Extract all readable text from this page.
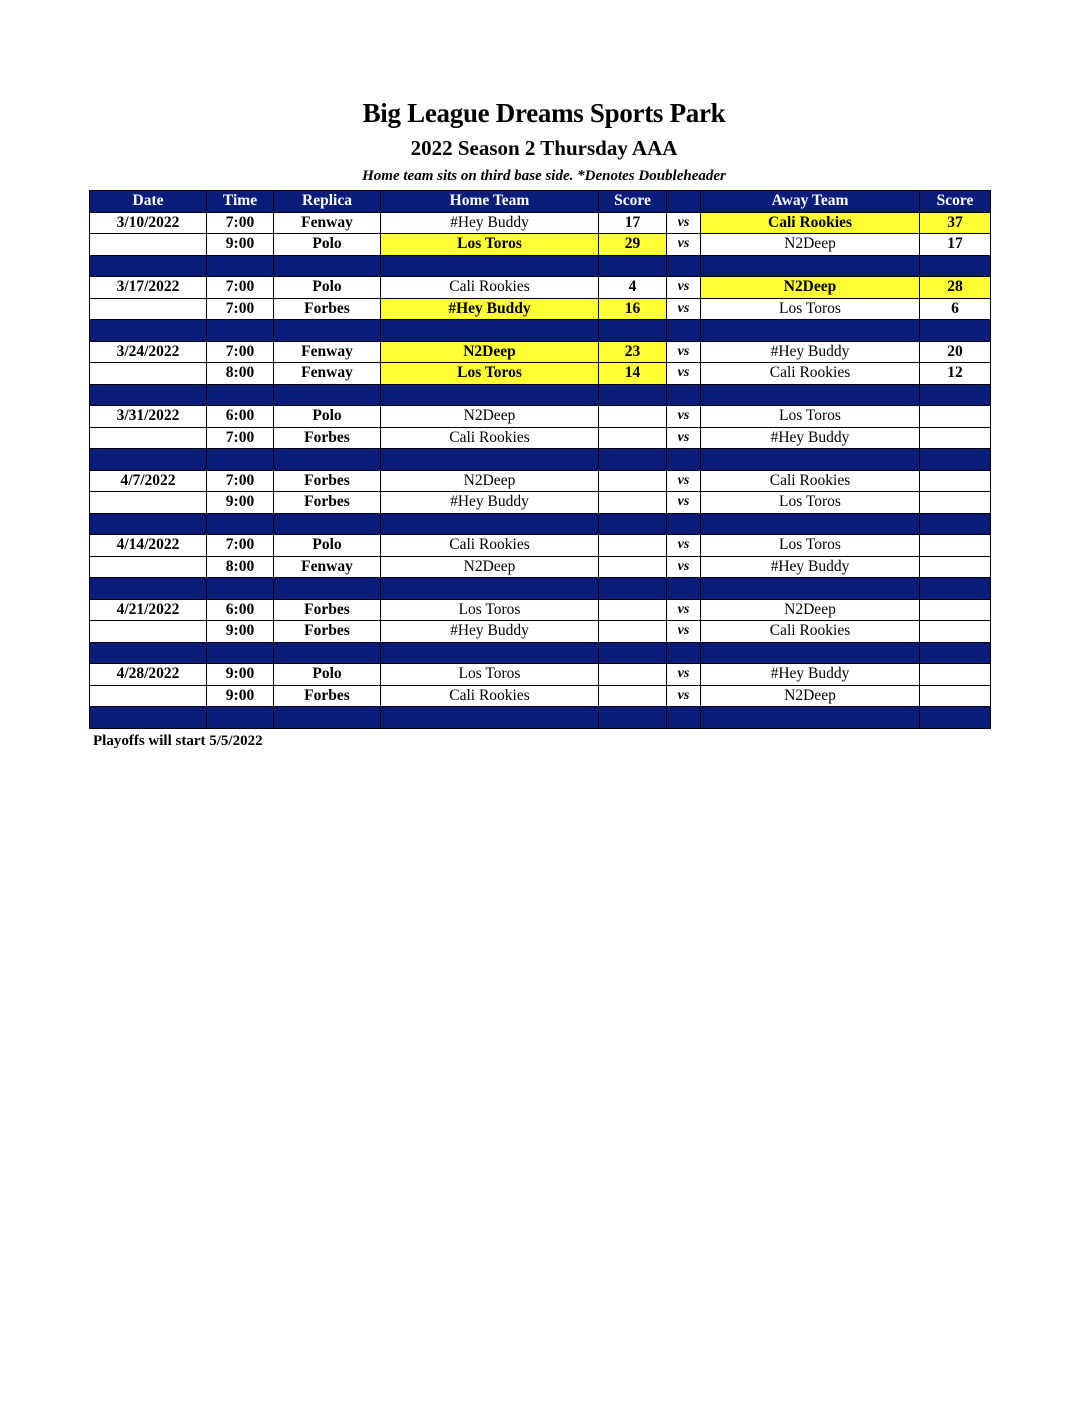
Big League Dreams Sports Park
2022 Season 2 Thursday AAA
Home team sits on third base side. *Denotes Doubleheader
Date	Time	Replica	Home Team	Score		Away Team	Score
3/10/2022	7:00	Fenway	#Hey Buddy	17	vs	Cali Rookies	37
	9:00	Polo	Los Toros	29	vs	N2Deep	17

3/17/2022	7:00	Polo	Cali Rookies	4	vs	N2Deep	28
	7:00	Forbes	#Hey Buddy	16	vs	Los Toros	6

3/24/2022	7:00	Fenway	N2Deep	23	vs	#Hey Buddy	20
	8:00	Fenway	Los Toros	14	vs	Cali Rookies	12

3/31/2022	6:00	Polo	N2Deep		vs	Los Toros	
	7:00	Forbes	Cali Rookies		vs	#Hey Buddy	

4/7/2022	7:00	Forbes	N2Deep		vs	Cali Rookies	
	9:00	Forbes	#Hey Buddy		vs	Los Toros	

4/14/2022	7:00	Polo	Cali Rookies		vs	Los Toros	
	8:00	Fenway	N2Deep		vs	#Hey Buddy	

4/21/2022	6:00	Forbes	Los Toros		vs	N2Deep	
	9:00	Forbes	#Hey Buddy		vs	Cali Rookies	

4/28/2022	9:00	Polo	Los Toros		vs	#Hey Buddy	
	9:00	Forbes	Cali Rookies		vs	N2Deep	

Playoffs will start 5/5/2022
